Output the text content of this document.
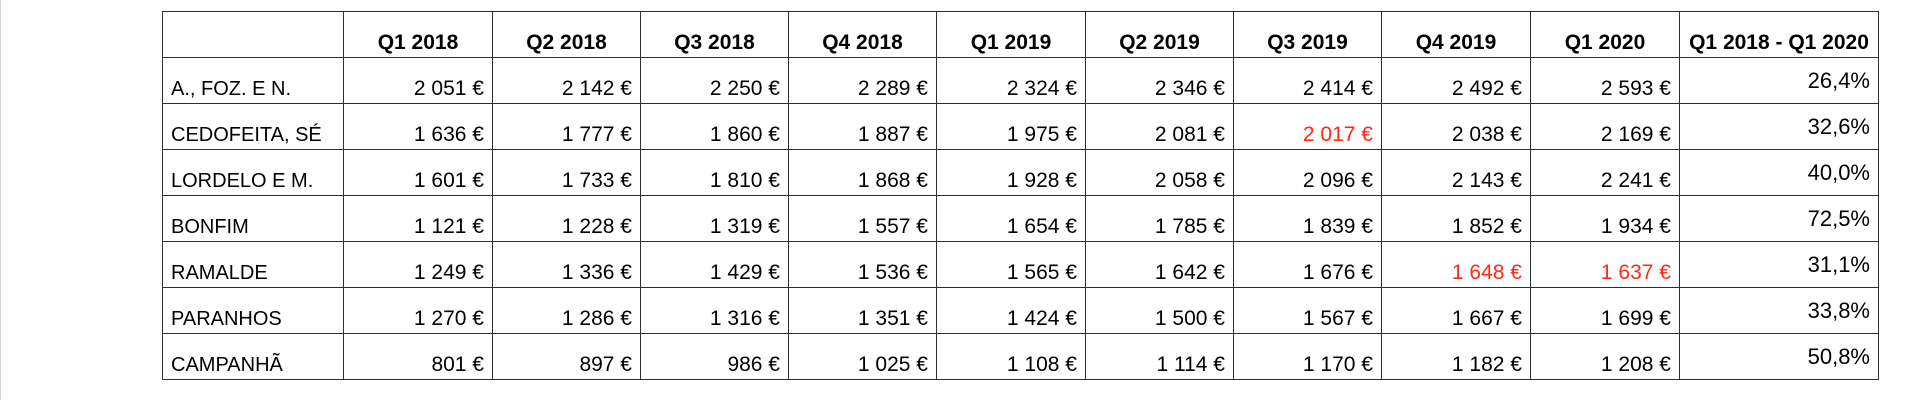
	Q1 2018	Q2 2018	Q3 2018	Q4 2018	Q1 2019	Q2 2019	Q3 2019	Q4 2019	Q1 2020	Q1 2018 - Q1 2020
A., FOZ. E N.	2 051 €	2 142 €	2 250 €	2 289 €	2 324 €	2 346 €	2 414 €	2 492 €	2 593 €	26,4%
CEDOFEITA, SÉ	1 636 €	1 777 €	1 860 €	1 887 €	1 975 €	2 081 €	2 017 €	2 038 €	2 169 €	32,6%
LORDELO E M.	1 601 €	1 733 €	1 810 €	1 868 €	1 928 €	2 058 €	2 096 €	2 143 €	2 241 €	40,0%
BONFIM	1 121 €	1 228 €	1 319 €	1 557 €	1 654 €	1 785 €	1 839 €	1 852 €	1 934 €	72,5%
RAMALDE	1 249 €	1 336 €	1 429 €	1 536 €	1 565 €	1 642 €	1 676 €	1 648 €	1 637 €	31,1%
PARANHOS	1 270 €	1 286 €	1 316 €	1 351 €	1 424 €	1 500 €	1 567 €	1 667 €	1 699 €	33,8%
CAMPANHÃ	801 €	897 €	986 €	1 025 €	1 108 €	1 114 €	1 170 €	1 182 €	1 208 €	50,8%
